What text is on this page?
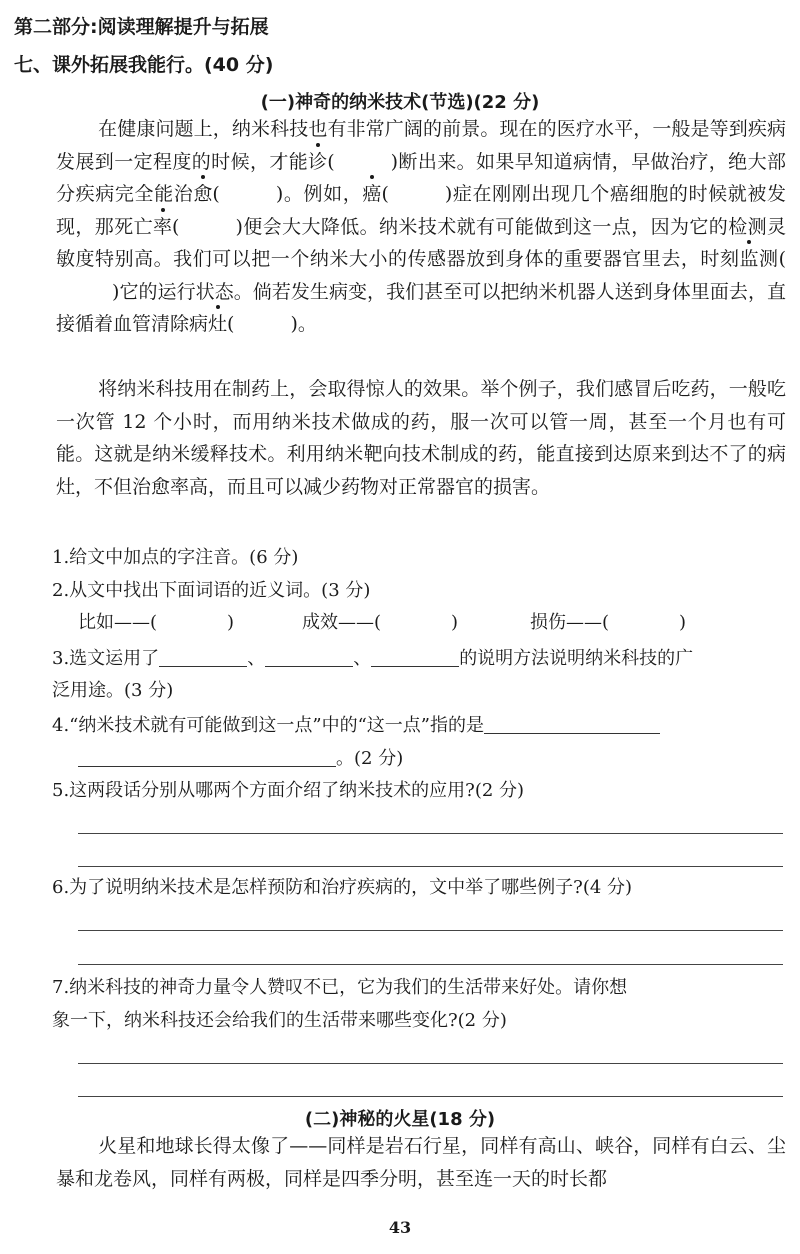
第二部分:阅读理解提升与拓展
七、课外拓展我能行。(40 分)
(一)神奇的纳米技术(节选)(22 分)
在健康问题上，纳米科技也有非常广阔的前景。现在的医疗水平，一般是等到疾病发展到一定程度的时候，才能诊(	)断出来。如果早知道病情，早做治疗，绝大部分疾病完全能治愈(	)。例如，癌(	)症在刚刚出现几个癌细胞的时候就被发现，那死亡率(	)便会大大降低。纳米技术就有可能做到这一点，因为它的检测灵敏度特别高。我们可以把一个纳米大小的传感器放到身体的重要器官里去，时刻监测()它的运行状态。倘若发生病变，我们甚至可以把纳米机器人送到身体里面去，直接循着血管清除病灶(	)。
将纳米科技用在制药上，会取得惊人的效果。举个例子，我们感冒后吃药，一般吃一次管 12 个小时，而用纳米技术做成的药，服一次可以管一周，甚至一个月也有可能。这就是纳米缓释技术。利用纳米靶向技术制成的药，能直接到达原来到达不了的病灶，不但治愈率高，而且可以减少药物对正常器官的损害。
1.给文中加点的字注音。(6 分)
2.从文中找出下面词语的近义词。(3 分)
比如——(	)	成效——(	)	损伤——(	)
3.选文运用了	、	、	的说明方法说明纳米科技的广
泛用途。(3 分)
4.“纳米技术就有可能做到这一点”中的“这一点”指的是
。(2 分)
5.这两段话分别从哪两个方面介绍了纳米技术的应用?(2 分)
6.为了说明纳米技术是怎样预防和治疗疾病的，文中举了哪些例子?(4 分)
7.纳米科技的神奇力量令人赞叹不已，它为我们的生活带来好处。请你想
象一下，纳米科技还会给我们的生活带来哪些变化?(2 分)
(二)神秘的火星(18 分)
火星和地球长得太像了——同样是岩石行星，同样有高山、峡谷，同样有白云、尘暴和龙卷风，同样有两极，同样是四季分明，甚至连一天的时长都
43
